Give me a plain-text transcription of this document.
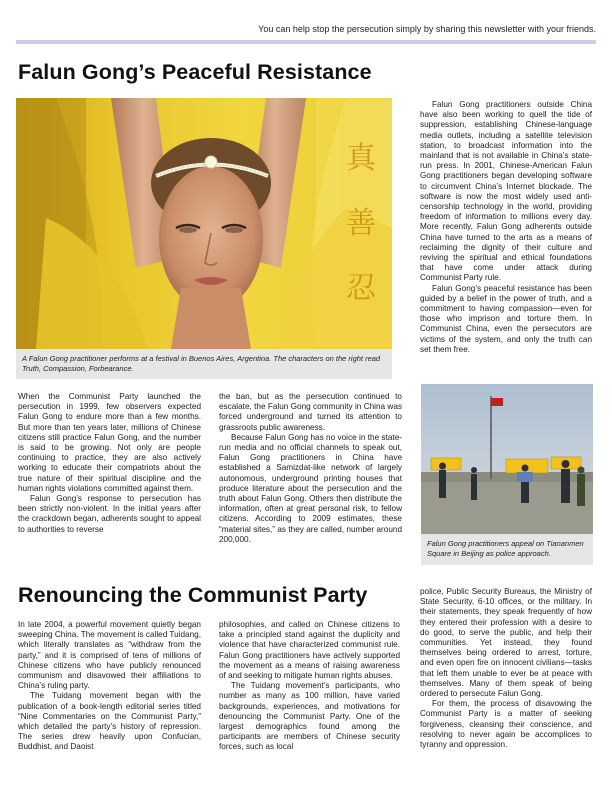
You can help stop the persecution simply by sharing this newsletter with your friends.
Falun Gong’s Peaceful Resistance
真
善
忍
A Falun Gong practitioner performs at a festival in Buenos Aires, Argentina. The characters on the right read Truth, Compassion, Forbearance.

Falun Gong practitioners outside China have also been working to quell the tide of suppression, establishing Chinese-language media outlets, including a satellite television station, to broadcast information into the mainland that is not available in China’s state-run press. In 2001, Chinese-American Falun Gong practitioners began developing software to circumvent China’s Internet blockade. The software is now the most widely used anti-censorship technology in the world, providing freedom of information to millions every day. More recently, Falun Gong adherents outside China have turned to the arts as a means of reclaiming the dignity of their culture and reviving the spiritual and ethical foundations that have come under attack during Communist Party rule.

Falun Gong’s peaceful resistance has been guided by a belief in the power of truth, and a commitment to having compassion—even for those who imprison and torture them. In Communist China, even the persecutors are victims of the system, and only the truth can set them free.

When the Communist Party launched the persecution in 1999, few observers expected Falun Gong to endure more than a few months. But more than ten years later, millions of Chinese citizens still practice Falun Gong, and the number is said to be growing. Not only are people continuing to practice, they are also actively working to educate their compatriots about the true nature of their spiritual discipline and the human rights violations committed against them.

Falun Gong’s response to persecution has been strictly non-violent. In the initial years after the crackdown began, adherents sought to appeal to authorities to reverse

the ban, but as the persecution continued to escalate, the Falun Gong community in China was forced underground and turned its attention to grassroots public awareness.

Because Falun Gong has no voice in the state-run media and no official channels to speak out, Falun Gong practitioners in China have established a Samizdat-like network of largely autonomous, underground printing houses that produce literature about the persecution and the truth about Falun Gong. Others then distribute the information, often at great personal risk, to fellow citizens. According to 2009 estimates, these “material sites,” as they are called, number around 200,000.	Falun Gong practitioners appeal on Tiananmen Square in Beijing as police approach.
Renouncing the Communist Party

In late 2004, a powerful movement quietly began sweeping China. The movement is called Tuidang, which literally translates as “withdraw from the party,” and it is comprised of tens of millions of Chinese citizens who have publicly renounced communism and disavowed their affiliations to China’s ruling party.

The Tuidang movement began with the publication of a book-length editorial series titled “Nine Commentaries on the Communist Party,” which detailed the party’s history of repression. The series drew heavily upon Confucian, Buddhist, and Daoist

philosophies, and called on Chinese citizens to take a principled stand against the duplicity and violence that have characterized communist rule. Falun Gong practitioners have actively supported the movement as a means of raising awareness of and seeking to mitigate human rights abuses.

The Tuidang movement’s participants, who number as many as 100 million, have varied backgrounds, experiences, and motivations for denouncing the Communist Party. One of the largest demographics found among the participants are members of Chinese security forces, such as local

police, Public Security Bureaus, the Ministry of State Security, 6-10 offices, or the military. In their statements, they speak frequently of how they entered their profession with a desire to do good, to serve the public, and help their communities. Yet instead, they found themselves being ordered to arrest, torture, and even open fire on innocent civilians—tasks that left them unable to ever be at peace with themselves. Many of them speak of being ordered to persecute Falun Gong.

For them, the process of disavowing the Communist Party is a matter of seeking forgiveness, cleansing their conscience, and resolving to never again be accomplices to tyranny and oppression.
